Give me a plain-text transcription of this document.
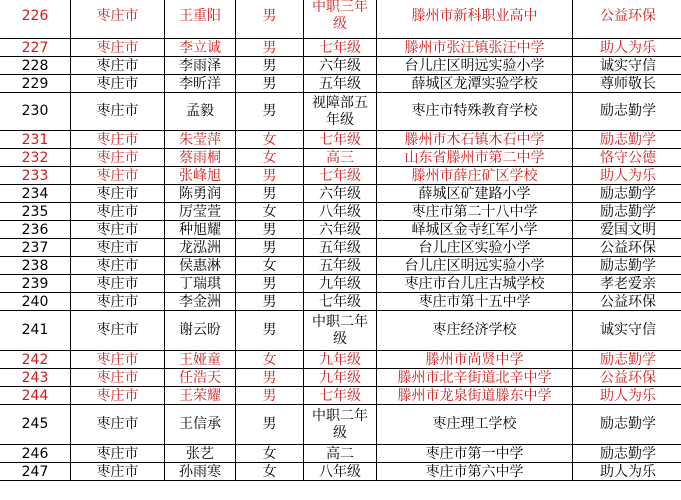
226	枣庄市	王重阳	男	中职三年级	滕州市新科职业高中	公益环保
227	枣庄市	李立诚	男	七年级	滕州市张汪镇张汪中学	助人为乐
228	枣庄市	李雨泽	男	六年级	台儿庄区明远实验小学	诚实守信
229	枣庄市	李昕洋	男	五年级	薛城区龙潭实验学校	尊师敬长
230	枣庄市	孟毅	男	视障部五年级	枣庄市特殊教育学校	励志勤学
231	枣庄市	朱莹萍	女	七年级	滕州市木石镇木石中学	励志勤学
232	枣庄市	蔡雨桐	女	高三	山东省滕州市第二中学	恪守公德
233	枣庄市	张峰旭	男	七年级	滕州市薛庄矿区学校	助人为乐
234	枣庄市	陈勇润	男	六年级	薛城区矿建路小学	励志勤学
235	枣庄市	厉莹萱	女	八年级	枣庄市第二十八中学	励志勤学
236	枣庄市	种旭耀	男	六年级	峄城区金寺红军小学	爱国文明
237	枣庄市	龙泓洲	男	五年级	台儿庄区实验小学	公益环保
238	枣庄市	侯惠淋	女	五年级	台儿庄区明远实验小学	励志勤学
239	枣庄市	丁瑞琪	男	九年级	枣庄市台儿庄古城学校	孝老爱亲
240	枣庄市	李金洲	男	七年级	枣庄市第十五中学	公益环保
241	枣庄市	谢云昐	男	中职二年级	枣庄经济学校	诚实守信
242	枣庄市	王娅童	女	九年级	滕州市尚贤中学	励志勤学
243	枣庄市	任浩天	男	九年级	滕州市北辛街道北辛中学	公益环保
244	枣庄市	王荣耀	男	七年级	滕州市龙泉街道滕东中学	助人为乐
245	枣庄市	王信承	男	中职二年级	枣庄理工学校	励志勤学
246	枣庄市	张艺	女	高二	枣庄市第一中学	励志勤学
247	枣庄市	孙雨寒	女	八年级	枣庄市第六中学	助人为乐
